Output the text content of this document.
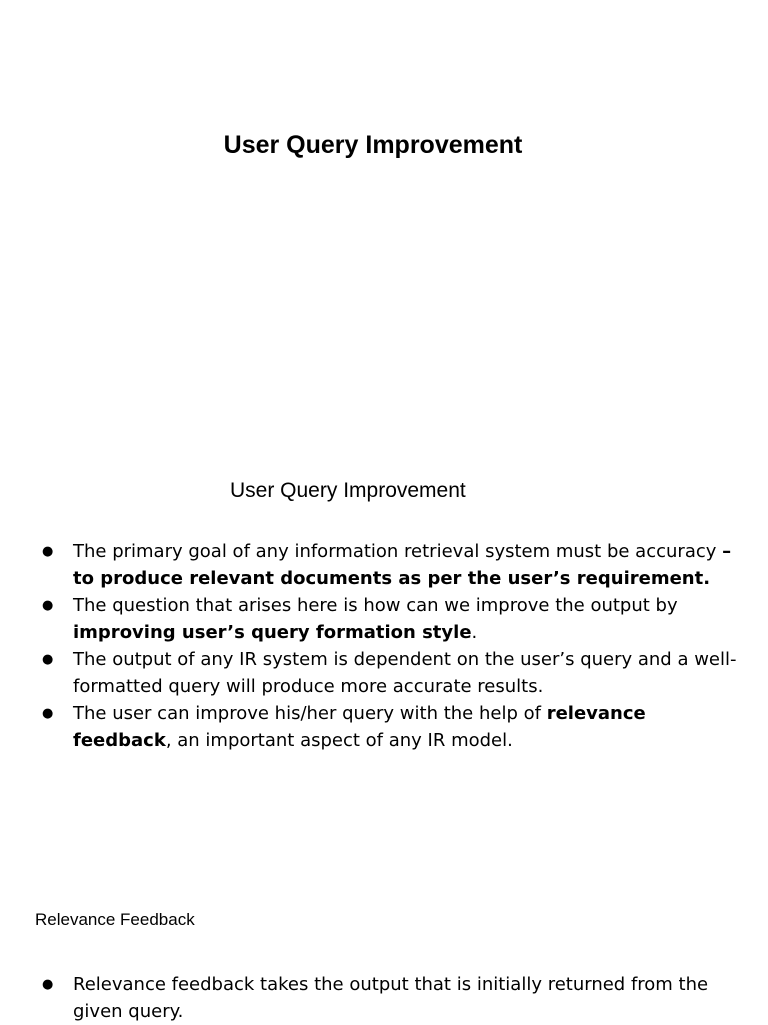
User Query Improvement
User Query Improvement
● The primary goal of any information retrieval system must be accuracy – to produce relevant documents as per the user’s requirement.
● The question that arises here is how can we improve the output by improving user’s query formation style.
● The output of any IR system is dependent on the user’s query and a well-formatted query will produce more accurate results.
● The user can improve his/her query with the help of relevance feedback, an important aspect of any IR model.
Relevance Feedback
● Relevance feedback takes the output that is initially returned from the given query.
